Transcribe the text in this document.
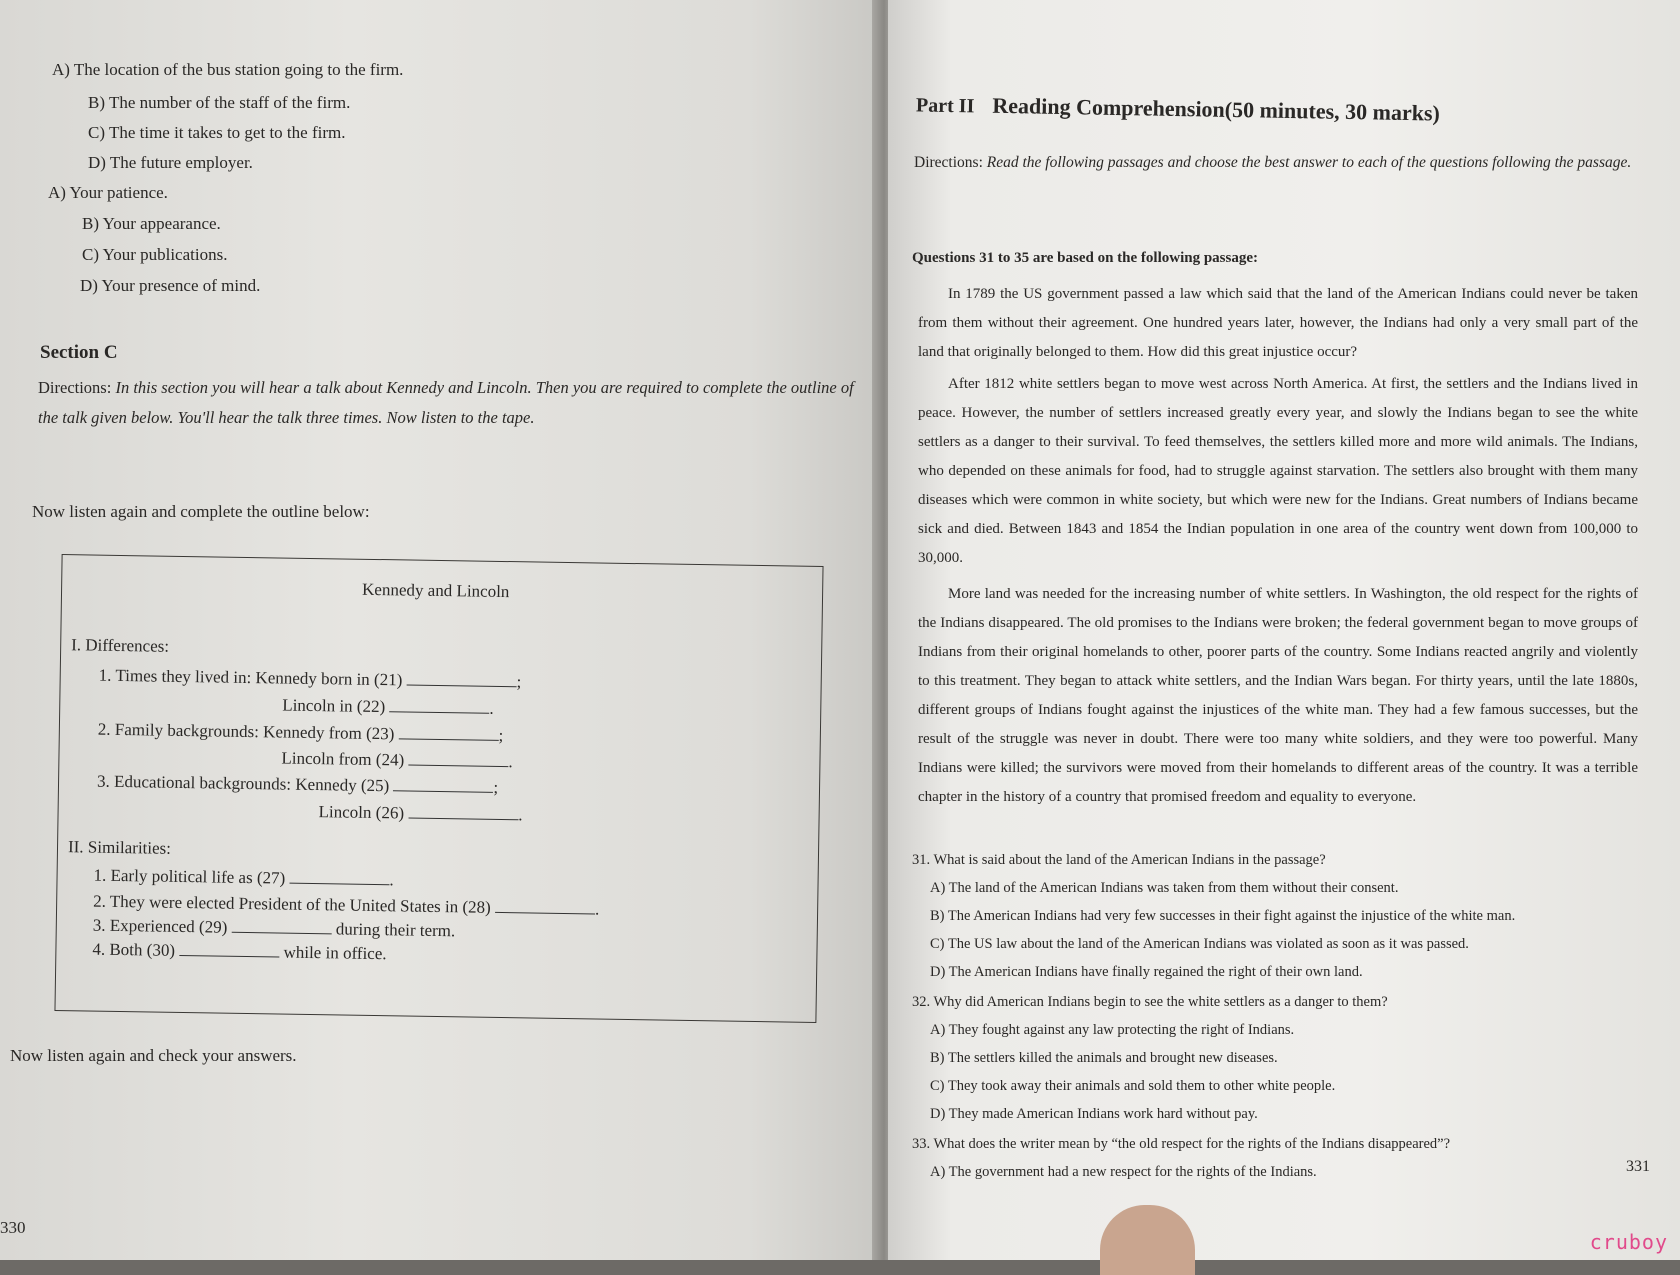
A) The location of the bus station going to the firm.
B) The number of the staff of the firm.
C) The time it takes to get to the firm.
D) The future employer.
A) Your patience.
B) Your appearance.
C) Your publications.
D) Your presence of mind.
Section C
Directions: In this section you will hear a talk about Kennedy and Lincoln. Then you are required to complete the outline of the talk given below. You'll hear the talk three times. Now listen to the tape.
Now listen again and complete the outline below:
Kennedy and Lincoln
I. Differences:
1. Times they lived in: Kennedy born in (21)	;
Lincoln in (22)	.
2. Family backgrounds: Kennedy from (23)	;
Lincoln from (24)	.
3. Educational backgrounds: Kennedy (25)	;
Lincoln (26)	.
II. Similarities:
1. Early political life as (27)	.
2. They were elected President of the United States in (28)	.
3. Experienced (29)	during their term.
4. Both (30)	while in office.
Now listen again and check your answers.
330
Part II Reading Comprehension(50 minutes, 30 marks)
Directions: Read the following passages and choose the best answer to each of the questions following the passage.
Questions 31 to 35 are based on the following passage:
In 1789 the US government passed a law which said that the land of the American Indians could never be taken from them without their agreement. One hundred years later, however, the Indians had only a very small part of the land that originally belonged to them. How did this great injustice occur?
After 1812 white settlers began to move west across North America. At first, the settlers and the Indians lived in peace. However, the number of settlers increased greatly every year, and slowly the Indians began to see the white settlers as a danger to their survival. To feed themselves, the settlers killed more and more wild animals. The Indians, who depended on these animals for food, had to struggle against starvation. The settlers also brought with them many diseases which were common in white society, but which were new for the Indians. Great numbers of Indians became sick and died. Between 1843 and 1854 the Indian population in one area of the country went down from 100,000 to 30,000.
More land was needed for the increasing number of white settlers. In Washington, the old respect for the rights of the Indians disappeared. The old promises to the Indians were broken; the federal government began to move groups of Indians from their original homelands to other, poorer parts of the country. Some Indians reacted angrily and violently to this treatment. They began to attack white settlers, and the Indian Wars began. For thirty years, until the late 1880s, different groups of Indians fought against the injustices of the white man. They had a few famous successes, but the result of the struggle was never in doubt. There were too many white soldiers, and they were too powerful. Many Indians were killed; the survivors were moved from their homelands to different areas of the country. It was a terrible chapter in the history of a country that promised freedom and equality to everyone.
31. What is said about the land of the American Indians in the passage?
A) The land of the American Indians was taken from them without their consent.
B) The American Indians had very few successes in their fight against the injustice of the white man.
C) The US law about the land of the American Indians was violated as soon as it was passed.
D) The American Indians have finally regained the right of their own land.
32. Why did American Indians begin to see the white settlers as a danger to them?
A) They fought against any law protecting the right of Indians.
B) The settlers killed the animals and brought new diseases.
C) They took away their animals and sold them to other white people.
D) They made American Indians work hard without pay.
33. What does the writer mean by “the old respect for the rights of the Indians disappeared”?
A) The government had a new respect for the rights of the Indians.	331
cruboy
